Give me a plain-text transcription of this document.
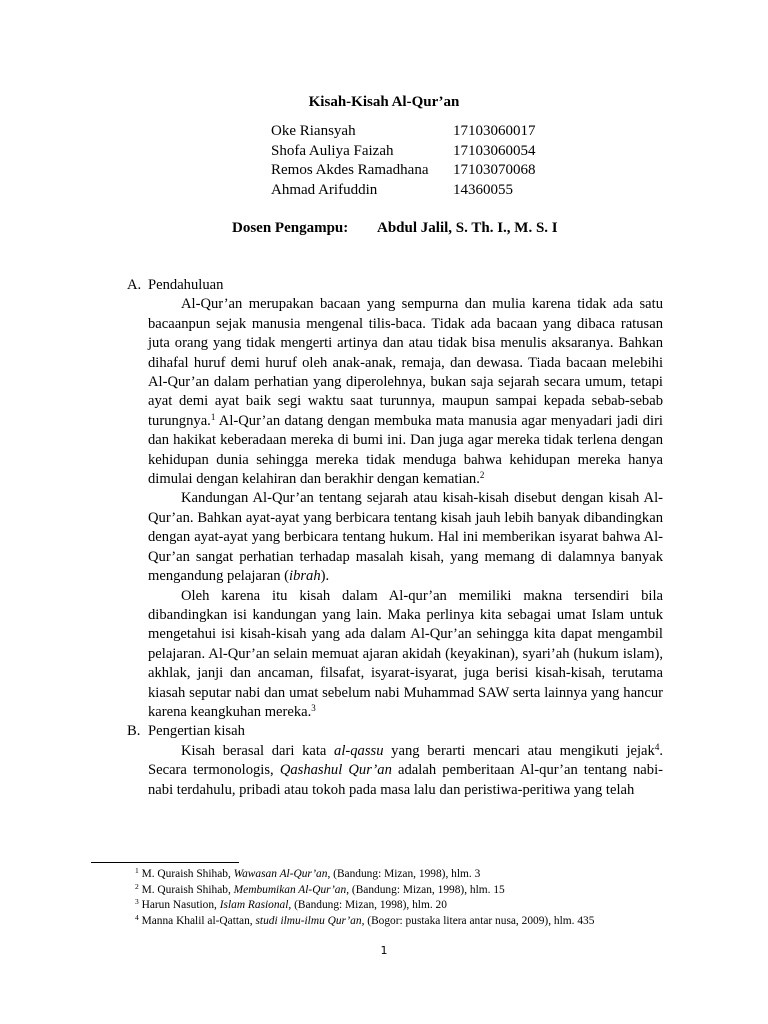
Kisah-Kisah Al-Qur’an
Oke Riansyah	17103060017
Shofa Auliya Faizah	17103060054
Remos Akdes Ramadhana	17103070068
Ahmad Arifuddin	14360055
Dosen Pengampu:	Abdul Jalil, S. Th. I., M. S. I
A. Pendahuluan

Al-Qur’an merupakan bacaan yang sempurna dan mulia karena tidak ada satu bacaanpun sejak manusia mengenal tilis-baca. Tidak ada bacaan yang dibaca ratusan juta orang yang tidak mengerti artinya dan atau tidak bisa menulis aksaranya. Bahkan dihafal huruf demi huruf oleh anak-anak, remaja, dan dewasa. Tiada bacaan melebihi Al-Qur’an dalam perhatian yang diperolehnya, bukan saja sejarah secara umum, tetapi ayat demi ayat baik segi waktu saat turunnya, maupun sampai kepada sebab-sebab turungnya.$^1$ Al-Qur’an datang dengan membuka mata manusia agar menyadari jadi diri dan hakikat keberadaan mereka di bumi ini. Dan juga agar mereka tidak terlena dengan kehidupan dunia sehingga mereka tidak menduga bahwa kehidupan mereka hanya dimulai dengan kelahiran dan berakhir dengan kematian.$^2$

Kandungan Al-Qur’an tentang sejarah atau kisah-kisah disebut dengan kisah Al-Qur’an. Bahkan ayat-ayat yang berbicara tentang kisah jauh lebih banyak dibandingkan dengan ayat-ayat yang berbicara tentang hukum. Hal ini memberikan isyarat bahwa Al-Qur’an sangat perhatian terhadap masalah kisah, yang memang di dalamnya banyak mengandung pelajaran (ibrah).

Oleh karena itu kisah dalam Al-qur’an memiliki makna tersendiri bila dibandingkan isi kandungan yang lain. Maka perlinya kita sebagai umat Islam untuk mengetahui isi kisah-kisah yang ada dalam Al-Qur’an sehingga kita dapat mengambil pelajaran. Al-Qur’an selain memuat ajaran akidah (keyakinan), syari’ah (hukum islam), akhlak, janji dan ancaman, filsafat, isyarat-isyarat, juga berisi kisah-kisah, terutama kiasah seputar nabi dan umat sebelum nabi Muhammad SAW serta lainnya yang hancur karena keangkuhan mereka.$^3$

B. Pengertian kisah

Kisah berasal dari kata al-qassu yang berarti mencari atau mengikuti jejak$^4$. Secara termonologis, Qashashul Qur’an adalah pemberitaan Al-qur’an tentang nabi-nabi terdahulu, pribadi atau tokoh pada masa lalu dan peristiwa-peritiwa yang telah

$^1$ M. Quraish Shihab, Wawasan Al-Qur’an, (Bandung: Mizan, 1998), hlm. 3
$^2$ M. Quraish Shihab, Membumikan Al-Qur’an, (Bandung: Mizan, 1998), hlm. 15
$^3$ Harun Nasution, Islam Rasional, (Bandung: Mizan, 1998), hlm. 20
$^4$ Manna Khalil al-Qattan, studi ilmu-ilmu Qur’an, (Bogor: pustaka litera antar nusa, 2009), hlm. 435
1
